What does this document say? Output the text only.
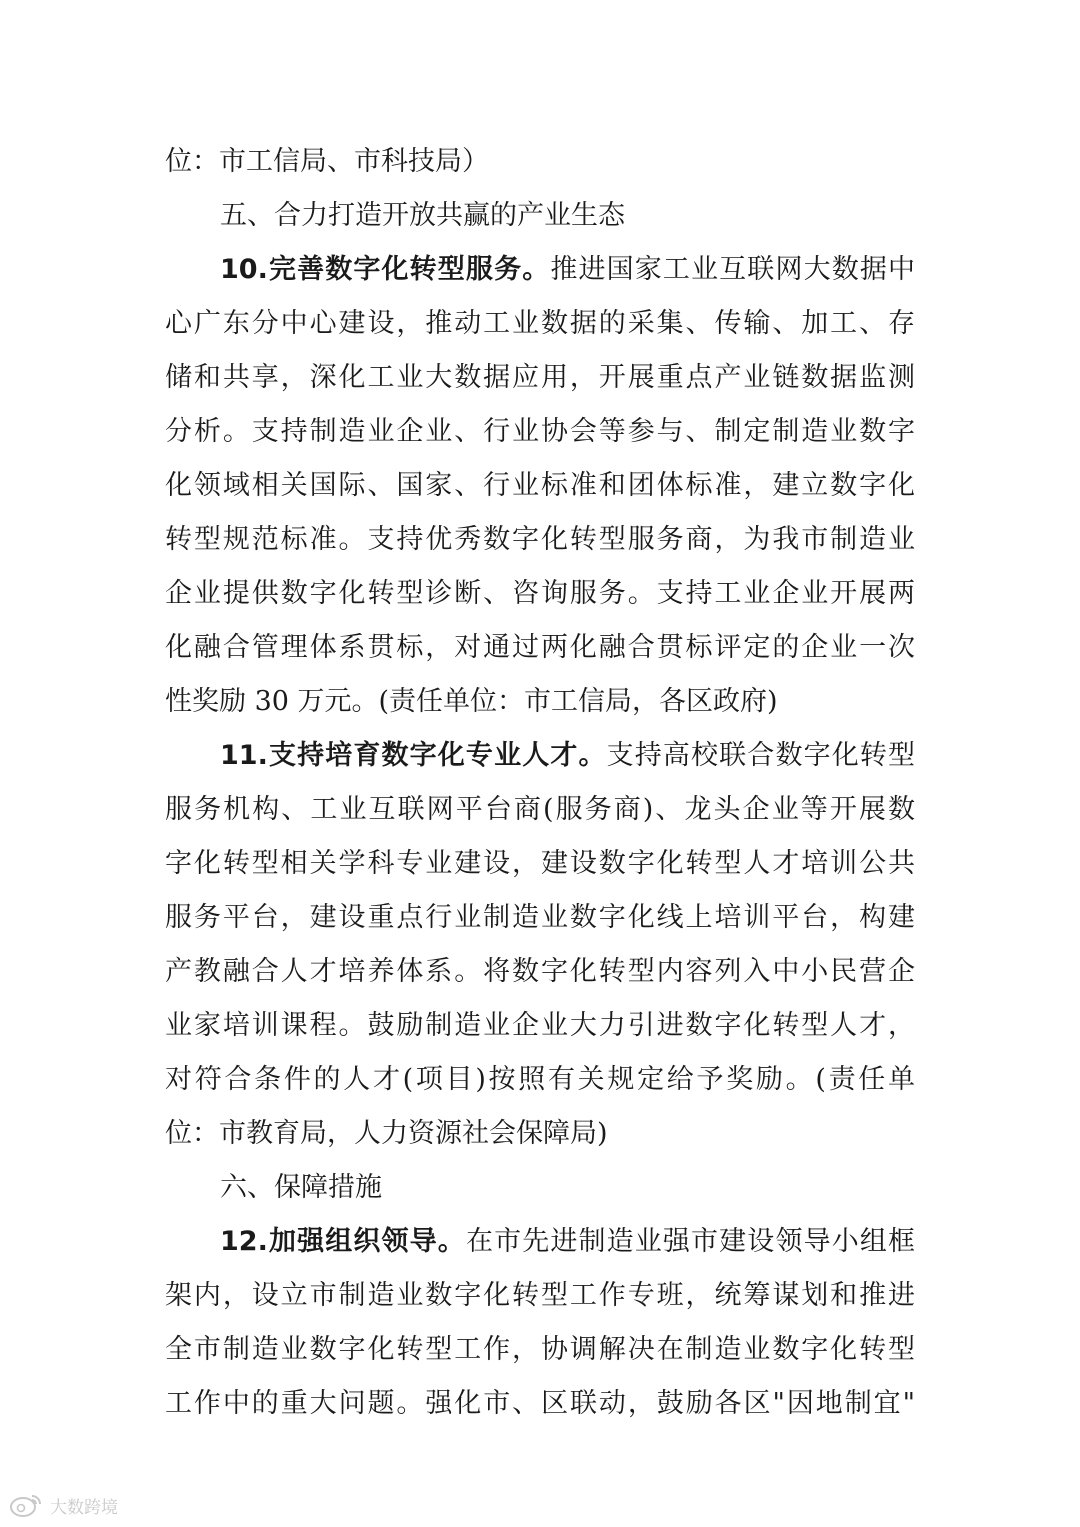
位：市工信局、市科技局）
五、合力打造开放共赢的产业生态
10.完善数字化转型服务。推进国家工业互联网大数据中
心广东分中心建设，推动工业数据的采集、传输、加工、存
储和共享，深化工业大数据应用，开展重点产业链数据监测
分析。支持制造业企业、行业协会等参与、制定制造业数字
化领域相关国际、国家、行业标准和团体标准，建立数字化
转型规范标准。支持优秀数字化转型服务商，为我市制造业
企业提供数字化转型诊断、咨询服务。支持工业企业开展两
化融合管理体系贯标，对通过两化融合贯标评定的企业一次
性奖励 30 万元。(责任单位：市工信局，各区政府)
11.支持培育数字化专业人才。支持高校联合数字化转型
服务机构、工业互联网平台商(服务商)、龙头企业等开展数
字化转型相关学科专业建设，建设数字化转型人才培训公共
服务平台，建设重点行业制造业数字化线上培训平台，构建
产教融合人才培养体系。将数字化转型内容列入中小民营企
业家培训课程。鼓励制造业企业大力引进数字化转型人才，
对符合条件的人才(项目)按照有关规定给予奖励。(责任单
位：市教育局，人力资源社会保障局)
六、保障措施
12.加强组织领导。在市先进制造业强市建设领导小组框
架内，设立市制造业数字化转型工作专班，统筹谋划和推进
全市制造业数字化转型工作，协调解决在制造业数字化转型
工作中的重大问题。强化市、区联动，鼓励各区"因地制宜"
大数跨境
